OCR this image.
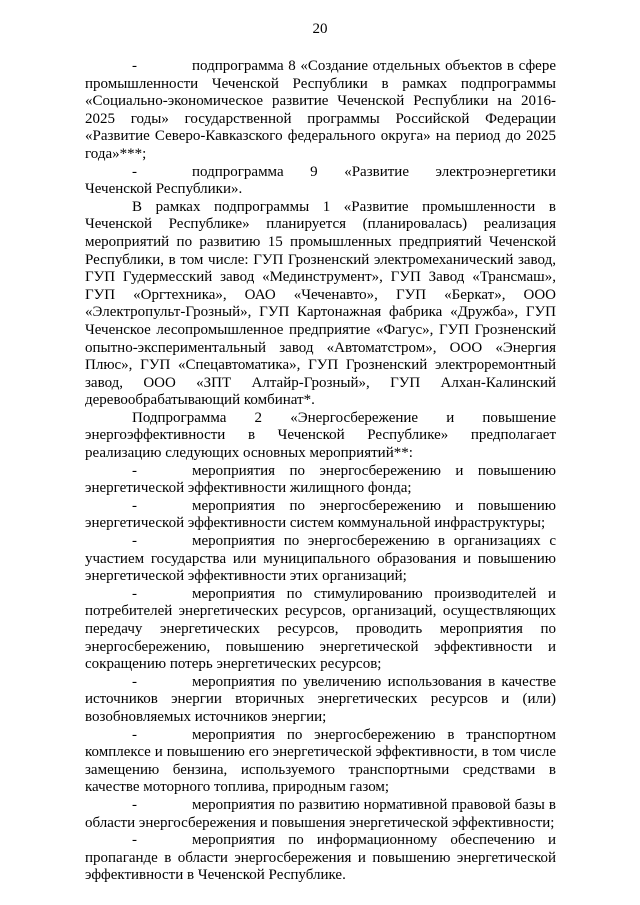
20

-	подпрограмма 8 «Создание отдельных объектов в сфере промышленности Чеченской Республики в рамках подпрограммы «Социально-экономическое развитие Чеченской Республики на 2016-2025 годы» государственной программы Российской Федерации «Развитие Северо-Кавказского федерального округа» на период до 2025 года»***;

-	подпрограмма 9 «Развитие электроэнергетики Чеченской Республики».

В рамках подпрограммы 1 «Развитие промышленности в Чеченской Республике» планируется (планировалась) реализация мероприятий по развитию 15 промышленных предприятий Чеченской Республики, в том числе: ГУП Грозненский электромеханический завод, ГУП Гудермесский завод «Мединструмент», ГУП Завод «Трансмаш», ГУП «Оргтехника», ОАО «Чеченавто», ГУП «Беркат», ООО «Электропульт-Грозный», ГУП Картонажная фабрика «Дружба», ГУП Чеченское лесопромышленное предприятие «Фагус», ГУП Грозненский опытно-экспериментальный завод «Автоматстром», ООО «Энергия Плюс», ГУП «Спецавтоматика», ГУП Грозненский электроремонтный завод, ООО «ЗПТ Алтайр-Грозный», ГУП Алхан-Калинский деревообрабатывающий комбинат*.

Подпрограмма 2 «Энергосбережение и повышение энергоэффективности в Чеченской Республике» предполагает реализацию следующих основных мероприятий**:

-	мероприятия по энергосбережению и повышению энергетической эффективности жилищного фонда;

-	мероприятия по энергосбережению и повышению энергетической эффективности систем коммунальной инфраструктуры;

-	мероприятия по энергосбережению в организациях с участием государства или муниципального образования и повышению энергетической эффективности этих организаций;

-	мероприятия по стимулированию производителей и потребителей энергетических ресурсов, организаций, осуществляющих передачу энергетических ресурсов, проводить мероприятия по энергосбережению, повышению энергетической эффективности и сокращению потерь энергетических ресурсов;

-	мероприятия по увеличению использования в качестве источников энергии вторичных энергетических ресурсов и (или) возобновляемых источников энергии;

-	мероприятия по энергосбережению в транспортном комплексе и повышению его энергетической эффективности, в том числе замещению бензина, используемого транспортными средствами в качестве моторного топлива, природным газом;

-	мероприятия по развитию нормативной правовой базы в области энергосбережения и повышения энергетической эффективности;

-	мероприятия по информационному обеспечению и пропаганде в области энергосбережения и повышению энергетической эффективности в Чеченской Республике.
